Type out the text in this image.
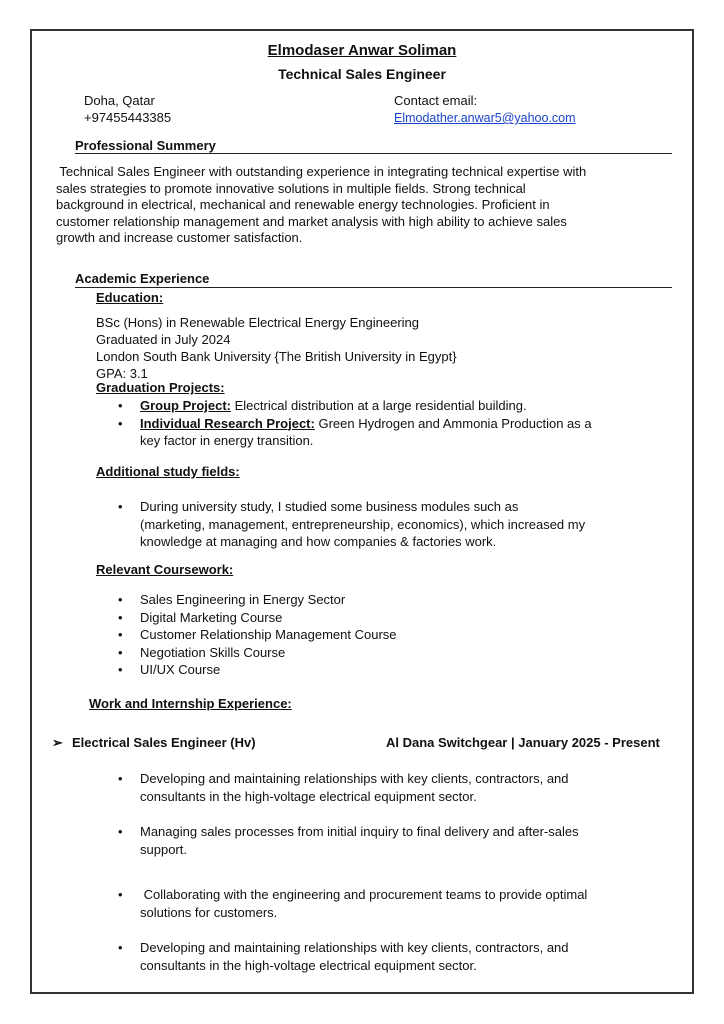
Elmodaser Anwar Soliman
Technical Sales Engineer
Doha, Qatar
+97455443385
Contact email:
Elmodather.anwar5@yahoo.com
Professional Summery
Technical Sales Engineer with outstanding experience in integrating technical expertise with
sales strategies to promote innovative solutions in multiple fields. Strong technical
background in electrical, mechanical and renewable energy technologies. Proficient in
customer relationship management and market analysis with high ability to achieve sales
growth and increase customer satisfaction.
Academic Experience
Education:
BSc (Hons) in Renewable Electrical Energy Engineering
Graduated in July 2024
London South Bank University {The British University in Egypt}
GPA: 3.1
Graduation Projects:
• Group Project: Electrical distribution at a large residential building.
• Individual Research Project: Green Hydrogen and Ammonia Production as a
key factor in energy transition.
Additional study fields:
• During university study, I studied some business modules such as
(marketing, management, entrepreneurship, economics), which increased my
knowledge at managing and how companies & factories work.
Relevant Coursework:
• Sales Engineering in Energy Sector
• Digital Marketing Course
• Customer Relationship Management Course
• Negotiation Skills Course
• UI/UX Course
Work and Internship Experience:
➢ Electrical Sales Engineer (Hv)	Al Dana Switchgear | January 2025 - Present
• Developing and maintaining relationships with key clients, contractors, and
consultants in the high-voltage electrical equipment sector.
• Managing sales processes from initial inquiry to final delivery and after-sales
support.
• Collaborating with the engineering and procurement teams to provide optimal
solutions for customers.
• Developing and maintaining relationships with key clients, contractors, and
consultants in the high-voltage electrical equipment sector.
